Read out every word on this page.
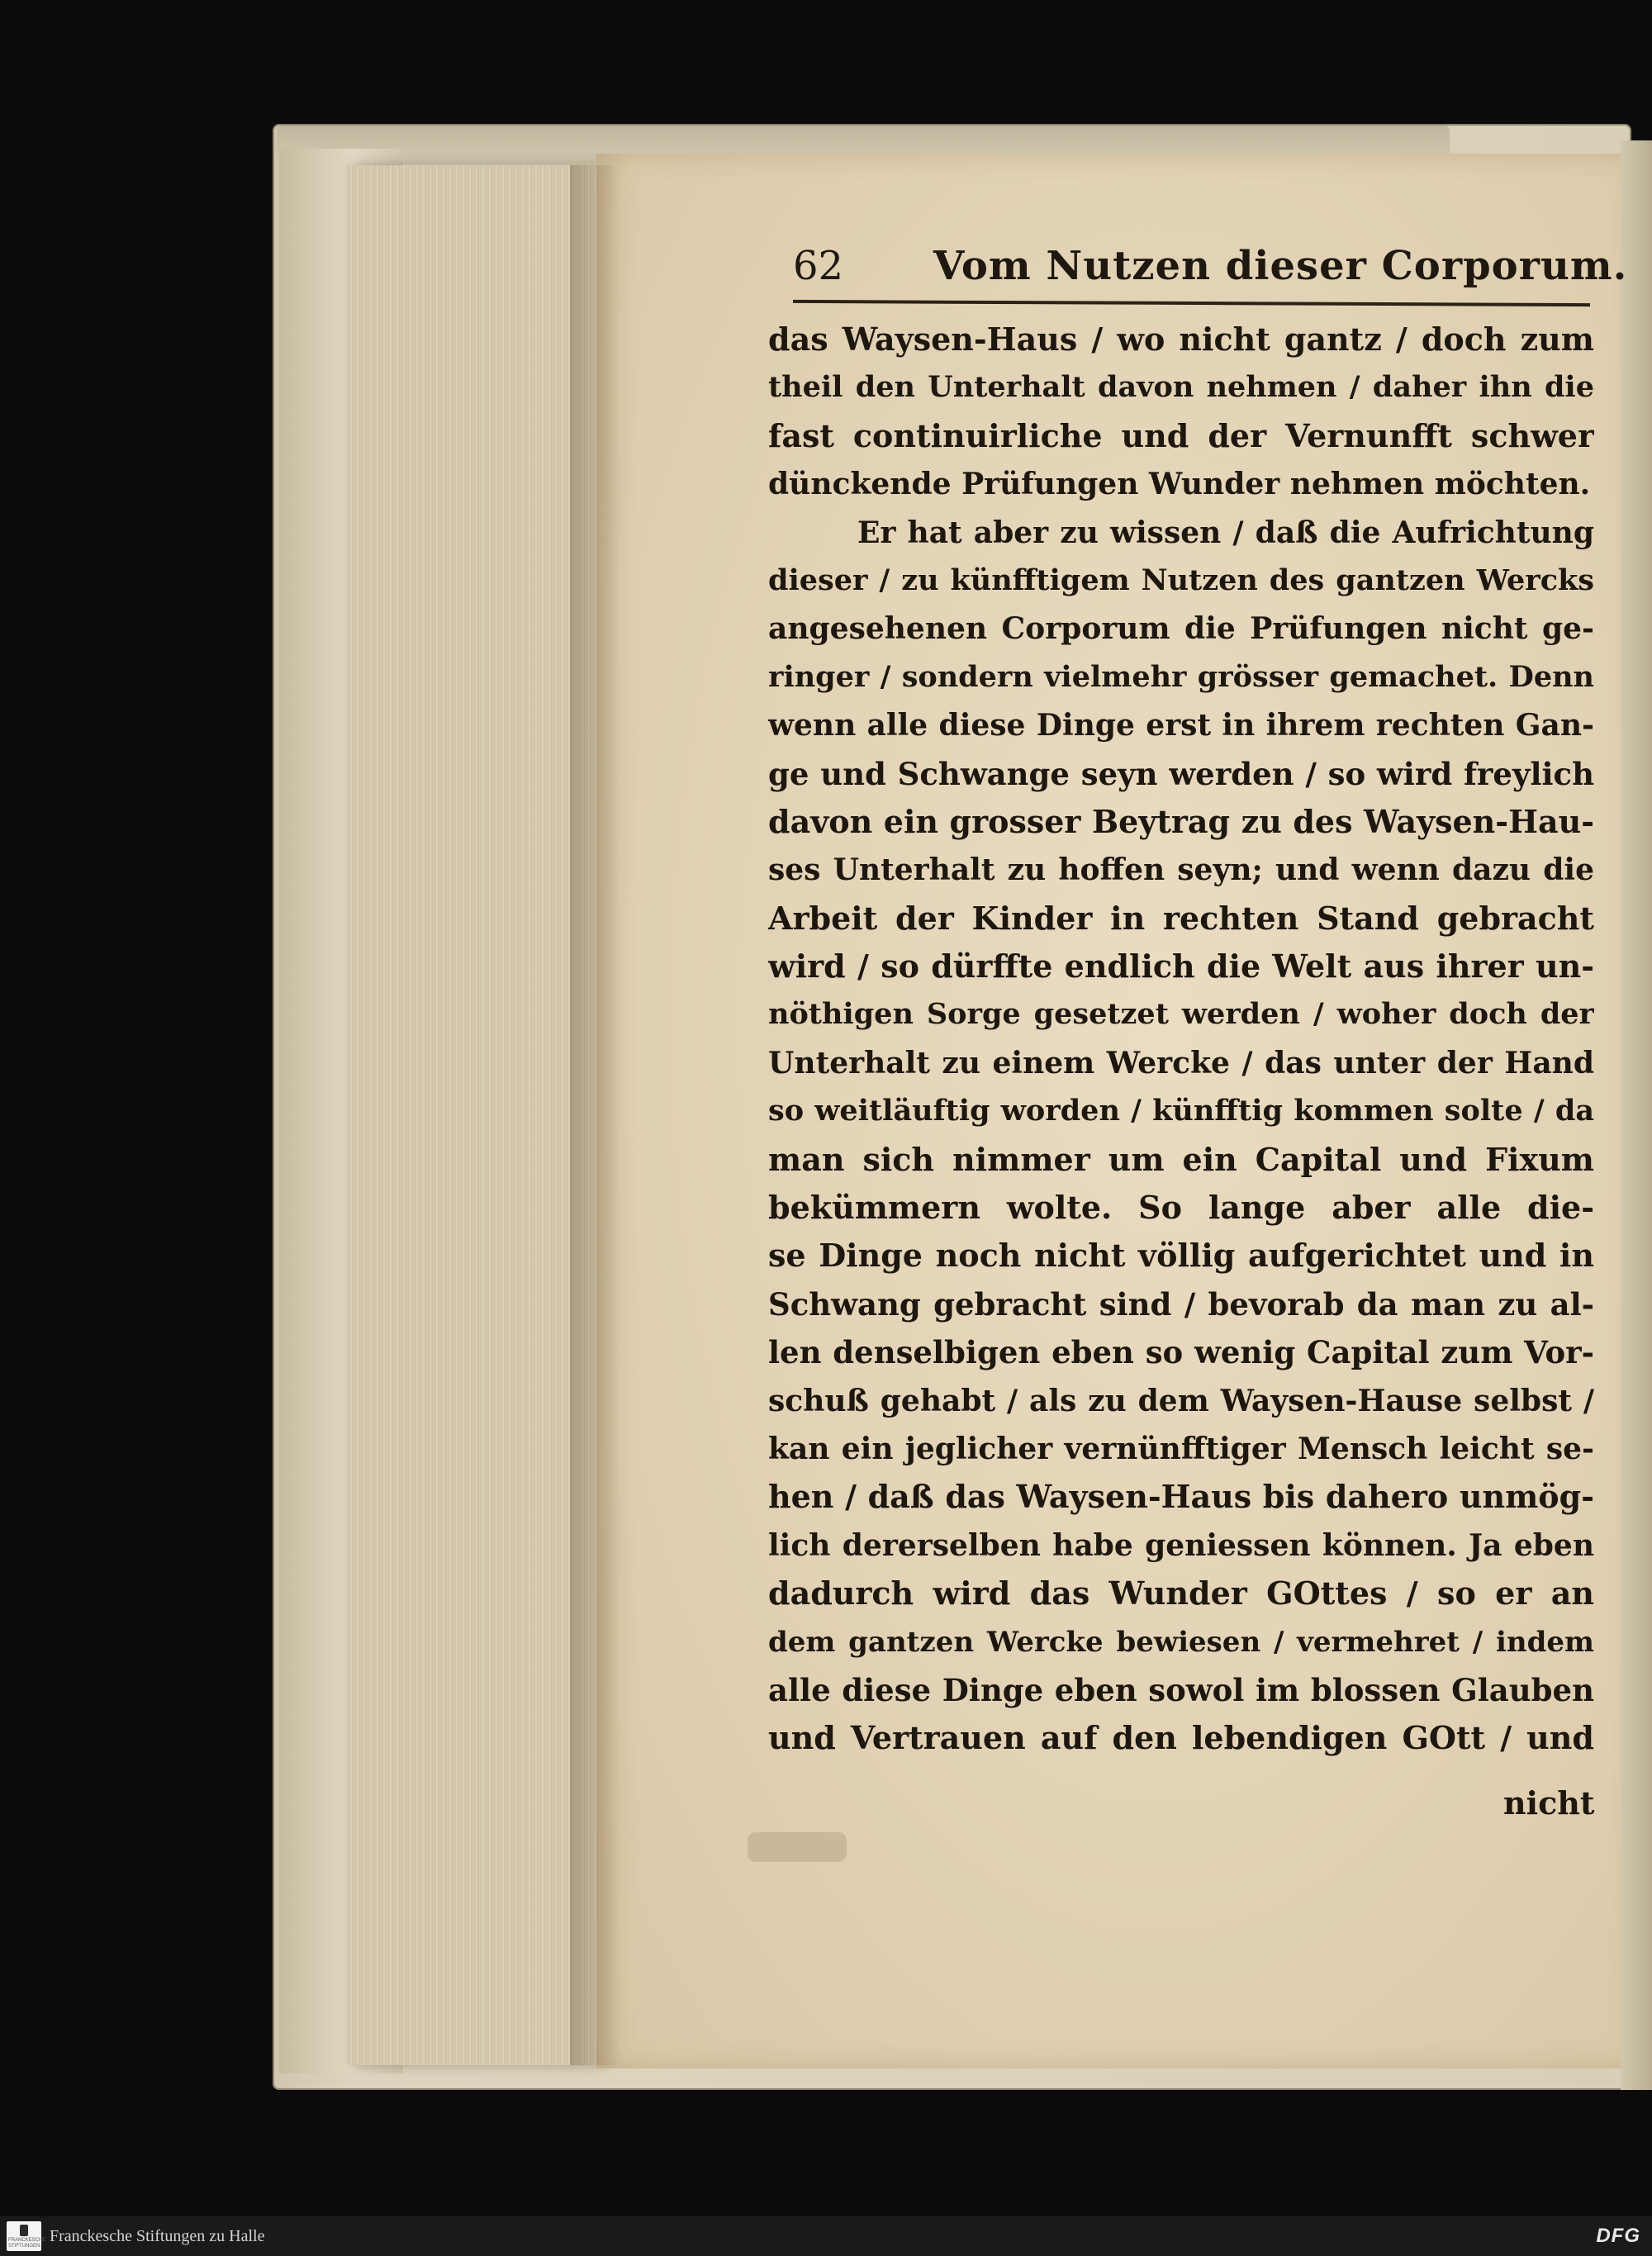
62 Vom Nutzen dieser Corporum.
das Waysen-Haus / wo nicht gantz / doch zum
theil den Unterhalt davon nehmen / daher ihn die
fast continuirliche und der Vernunfft schwer
dünckende Prüfungen Wunder nehmen möchten.
Er hat aber zu wissen / daß die Aufrichtung
dieser / zu künfftigem Nutzen des gantzen Wercks
angesehenen Corporum die Prüfungen nicht ge-
ringer / sondern vielmehr grösser gemachet. Denn
wenn alle diese Dinge erst in ihrem rechten Gan-
ge und Schwange seyn werden / so wird freylich
davon ein grosser Beytrag zu des Waysen-Hau-
ses Unterhalt zu hoffen seyn; und wenn dazu die
Arbeit der Kinder in rechten Stand gebracht
wird / so dürffte endlich die Welt aus ihrer un-
nöthigen Sorge gesetzet werden / woher doch der
Unterhalt zu einem Wercke / das unter der Hand
so weitläuftig worden / künfftig kommen solte / da
man sich nimmer um ein Capital und Fixum
bekümmern wolte. So lange aber alle die-
se Dinge noch nicht völlig aufgerichtet und in
Schwang gebracht sind / bevorab da man zu al-
len denselbigen eben so wenig Capital zum Vor-
schuß gehabt / als zu dem Waysen-Hause selbst /
kan ein jeglicher vernünfftiger Mensch leicht se-
hen / daß das Waysen-Haus bis dahero unmög-
lich dererselben habe geniessen können. Ja eben
dadurch wird das Wunder GOttes / so er an
dem gantzen Wercke bewiesen / vermehret / indem
alle diese Dinge eben sowol im blossen Glauben
und Vertrauen auf den lebendigen GOtt / und
nicht
FRANCKESCHE STIFTUNGEN
Franckesche Stiftungen zu Halle	DFG
